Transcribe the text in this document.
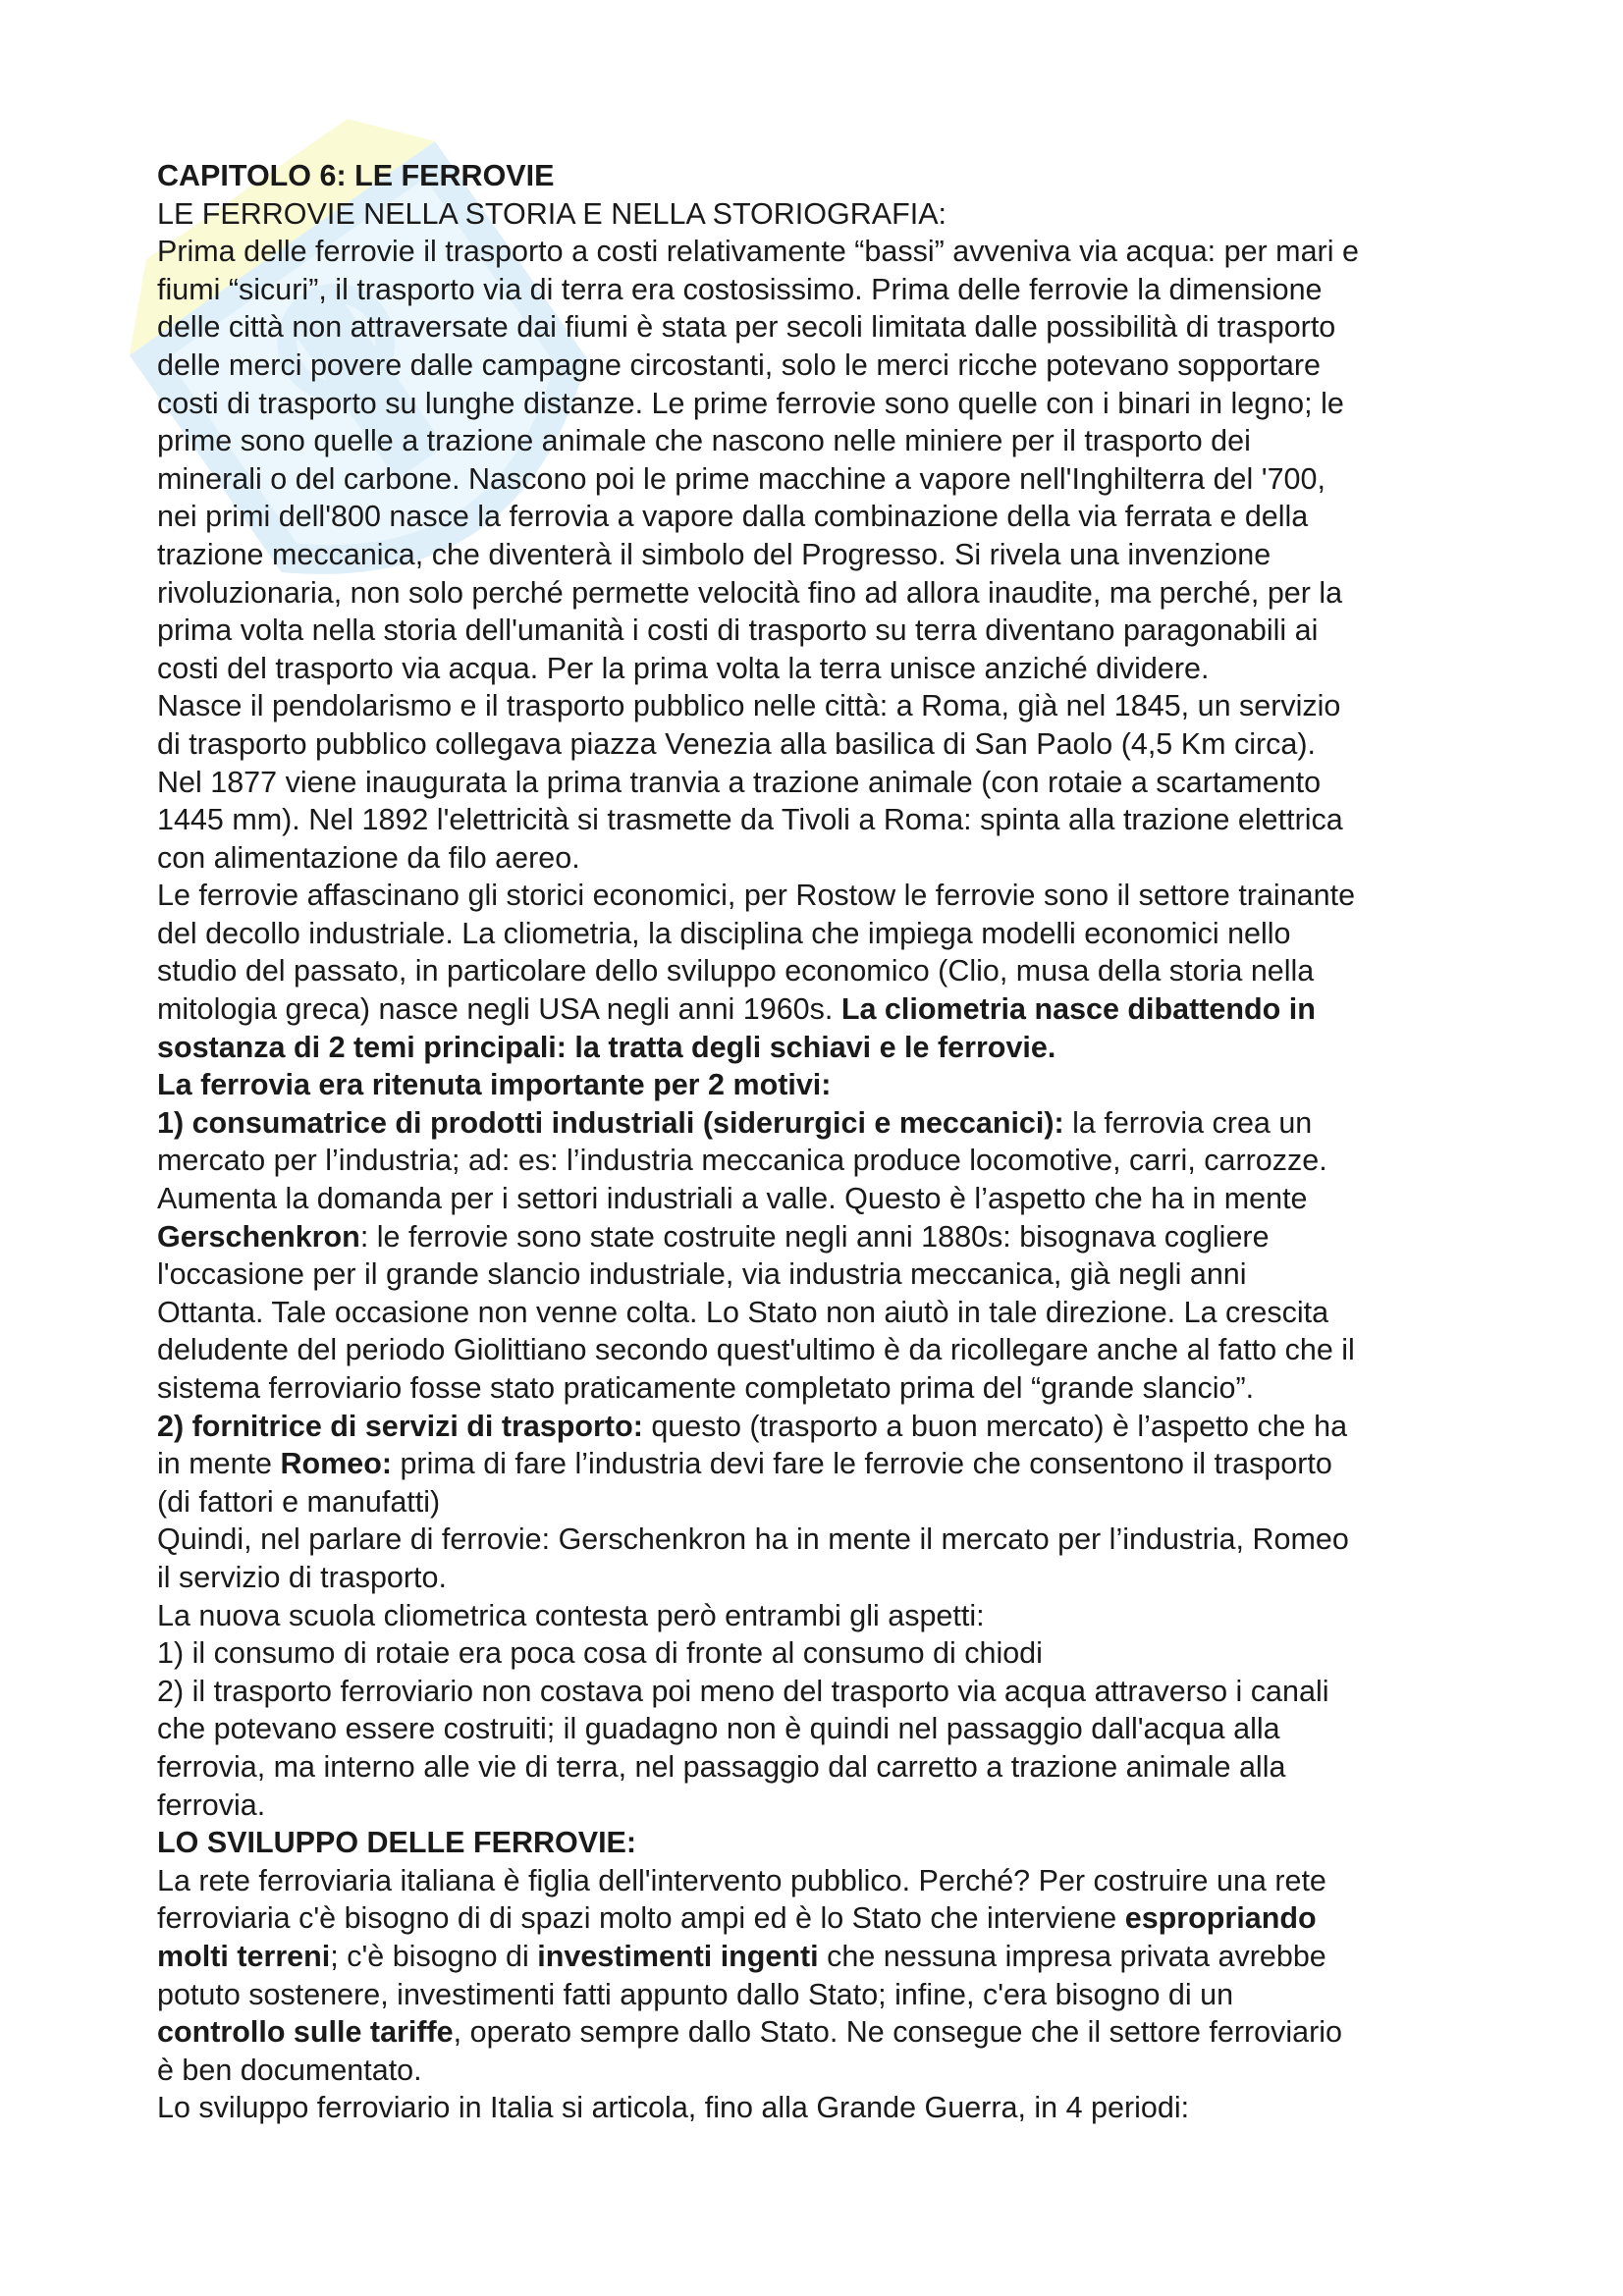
CAPITOLO 6: LE FERROVIE
LE FERROVIE NELLA STORIA E NELLA STORIOGRAFIA:
Prima delle ferrovie il trasporto a costi relativamente “bassi” avveniva via acqua: per mari e
fiumi “sicuri”, il trasporto via di terra era costosissimo. Prima delle ferrovie la dimensione
delle città non attraversate dai fiumi è stata per secoli limitata dalle possibilità di trasporto
delle merci povere dalle campagne circostanti, solo le merci ricche potevano sopportare
costi di trasporto su lunghe distanze. Le prime ferrovie sono quelle con i binari in legno; le
prime sono quelle a trazione animale che nascono nelle miniere per il trasporto dei
minerali o del carbone. Nascono poi le prime macchine a vapore nell'Inghilterra del '700,
nei primi dell'800 nasce la ferrovia a vapore dalla combinazione della via ferrata e della
trazione meccanica, che diventerà il simbolo del Progresso. Si rivela una invenzione
rivoluzionaria, non solo perché permette velocità fino ad allora inaudite, ma perché, per la
prima volta nella storia dell'umanità i costi di trasporto su terra diventano paragonabili ai
costi del trasporto via acqua. Per la prima volta la terra unisce anziché dividere.
Nasce il pendolarismo e il trasporto pubblico nelle città: a Roma, già nel 1845, un servizio
di trasporto pubblico collegava piazza Venezia alla basilica di San Paolo (4,5 Km circa).
Nel 1877 viene inaugurata la prima tranvia a trazione animale (con rotaie a scartamento
1445 mm). Nel 1892 l'elettricità si trasmette da Tivoli a Roma: spinta alla trazione elettrica
con alimentazione da filo aereo.
Le ferrovie affascinano gli storici economici, per Rostow le ferrovie sono il settore trainante
del decollo industriale. La cliometria, la disciplina che impiega modelli economici nello
studio del passato, in particolare dello sviluppo economico (Clio, musa della storia nella
mitologia greca) nasce negli USA negli anni 1960s. La cliometria nasce dibattendo in
sostanza di 2 temi principali: la tratta degli schiavi e le ferrovie.
La ferrovia era ritenuta importante per 2 motivi:
1) consumatrice di prodotti industriali (siderurgici e meccanici): la ferrovia crea un
mercato per l’industria; ad: es: l’industria meccanica produce locomotive, carri, carrozze.
Aumenta la domanda per i settori industriali a valle. Questo è l’aspetto che ha in mente
Gerschenkron: le ferrovie sono state costruite negli anni 1880s: bisognava cogliere
l'occasione per il grande slancio industriale, via industria meccanica, già negli anni
Ottanta. Tale occasione non venne colta. Lo Stato non aiutò in tale direzione. La crescita
deludente del periodo Giolittiano secondo quest'ultimo è da ricollegare anche al fatto che il
sistema ferroviario fosse stato praticamente completato prima del “grande slancio”.
2) fornitrice di servizi di trasporto: questo (trasporto a buon mercato) è l’aspetto che ha
in mente Romeo: prima di fare l’industria devi fare le ferrovie che consentono il trasporto
(di fattori e manufatti)
Quindi, nel parlare di ferrovie: Gerschenkron ha in mente il mercato per l’industria, Romeo
il servizio di trasporto.
La nuova scuola cliometrica contesta però entrambi gli aspetti:
1) il consumo di rotaie era poca cosa di fronte al consumo di chiodi
2) il trasporto ferroviario non costava poi meno del trasporto via acqua attraverso i canali
che potevano essere costruiti; il guadagno non è quindi nel passaggio dall'acqua alla
ferrovia, ma interno alle vie di terra, nel passaggio dal carretto a trazione animale alla
ferrovia.
LO SVILUPPO DELLE FERROVIE:
La rete ferroviaria italiana è figlia dell'intervento pubblico. Perché? Per costruire una rete
ferroviaria c'è bisogno di di spazi molto ampi ed è lo Stato che interviene espropriando
molti terreni; c'è bisogno di investimenti ingenti che nessuna impresa privata avrebbe
potuto sostenere, investimenti fatti appunto dallo Stato; infine, c'era bisogno di un
controllo sulle tariffe, operato sempre dallo Stato. Ne consegue che il settore ferroviario
è ben documentato.
Lo sviluppo ferroviario in Italia si articola, fino alla Grande Guerra, in 4 periodi:
